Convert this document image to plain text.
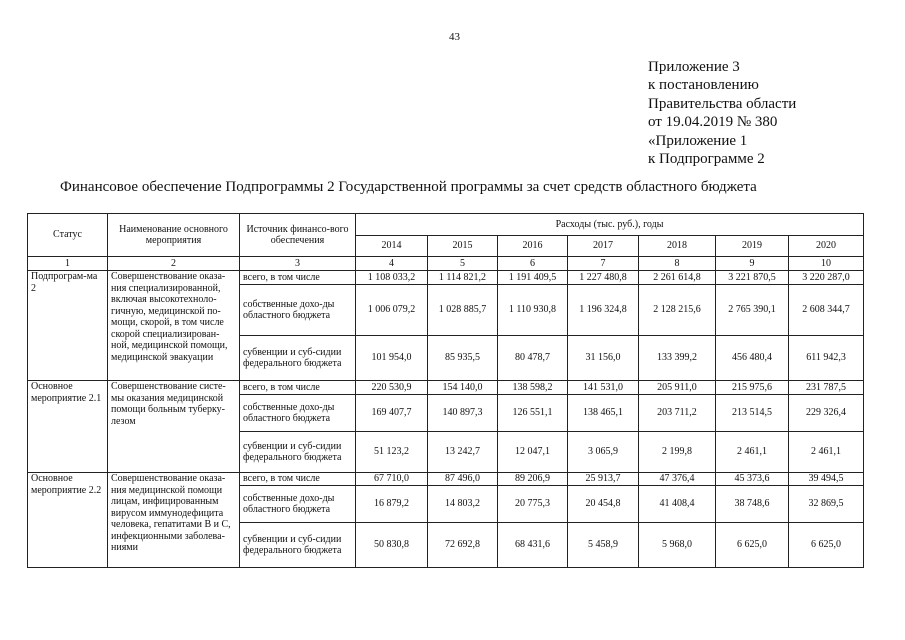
43
Приложение 3
к постановлению
Правительства области
от 19.04.2019 № 380
«Приложение 1
к Подпрограмме 2
Финансовое обеспечение Подпрограммы 2 Государственной программы за счет средств областного бюджета
Статус	Наименование основного мероприятия	Источник финансо-вого обеспечения	Расходы (тыс. руб.), годы						
			2014	2015	2016	2017	2018	2019	2020
1	2	3	4	5	6	7	8	9	10
Подпрограм-ма 2	Совершенствование оказа-ния специализированной, включая высокотехноло-гичную, медицинской по-мощи, скорой, в том числе скорой специализирован-ной, медицинской помощи, медицинской эвакуации	всего, в том числе	1 108 033,2	1 114 821,2	1 191 409,5	1 227 480,8	2 261 614,8	3 221 870,5	3 220 287,0
		собственные дохо-ды областного бюджета	1 006 079,2	1 028 885,7	1 110 930,8	1 196 324,8	2 128 215,6	2 765 390,1	2 608 344,7
		субвенции и суб-сидии федерального бюджета	101 954,0	85 935,5	80 478,7	31 156,0	133 399,2	456 480,4	611 942,3
Основное мероприятие 2.1	Совершенствование систе-мы оказания медицинской помощи больным туберку-лезом	всего, в том числе	220 530,9	154 140,0	138 598,2	141 531,0	205 911,0	215 975,6	231 787,5
		собственные дохо-ды областного бюджета	169 407,7	140 897,3	126 551,1	138 465,1	203 711,2	213 514,5	229 326,4
		субвенции и суб-сидии федерального бюджета	51 123,2	13 242,7	12 047,1	3 065,9	2 199,8	2 461,1	2 461,1
Основное мероприятие 2.2	Совершенствование оказа-ния медицинской помощи лицам, инфицированным вирусом иммунодефицита человека, гепатитами В и С, инфекционными заболева-ниями	всего, в том числе	67 710,0	87 496,0	89 206,9	25 913,7	47 376,4	45 373,6	39 494,5
		собственные дохо-ды областного бюджета	16 879,2	14 803,2	20 775,3	20 454,8	41 408,4	38 748,6	32 869,5
		субвенции и суб-сидии федерального бюджета	50 830,8	72 692,8	68 431,6	5 458,9	5 968,0	6 625,0	6 625,0
